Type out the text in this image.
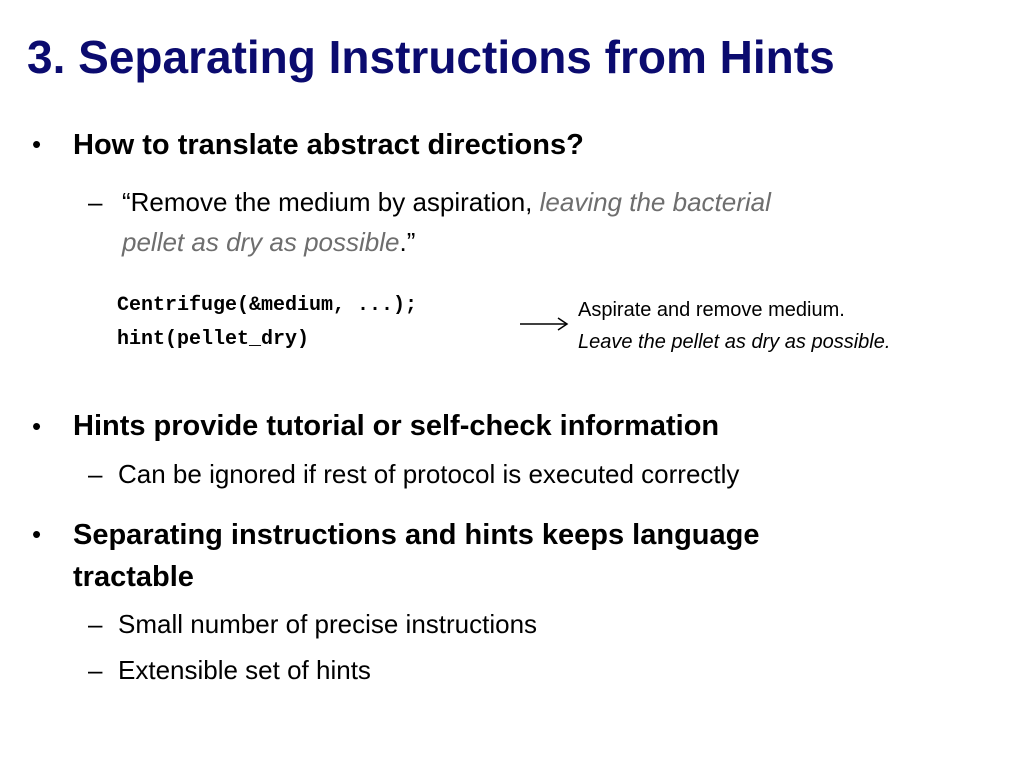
3. Separating Instructions from Hints
• How to translate abstract directions?
– “Remove the medium by aspiration, leaving the bacterial
pellet as dry as possible.”
Centrifuge(&medium, ...);
hint(pellet_dry)
Aspirate and remove medium.
Leave the pellet as dry as possible.
• Hints provide tutorial or self-check information
– Can be ignored if rest of protocol is executed correctly
• Separating instructions and hints keeps language
tractable
– Small number of precise instructions
– Extensible set of hints
